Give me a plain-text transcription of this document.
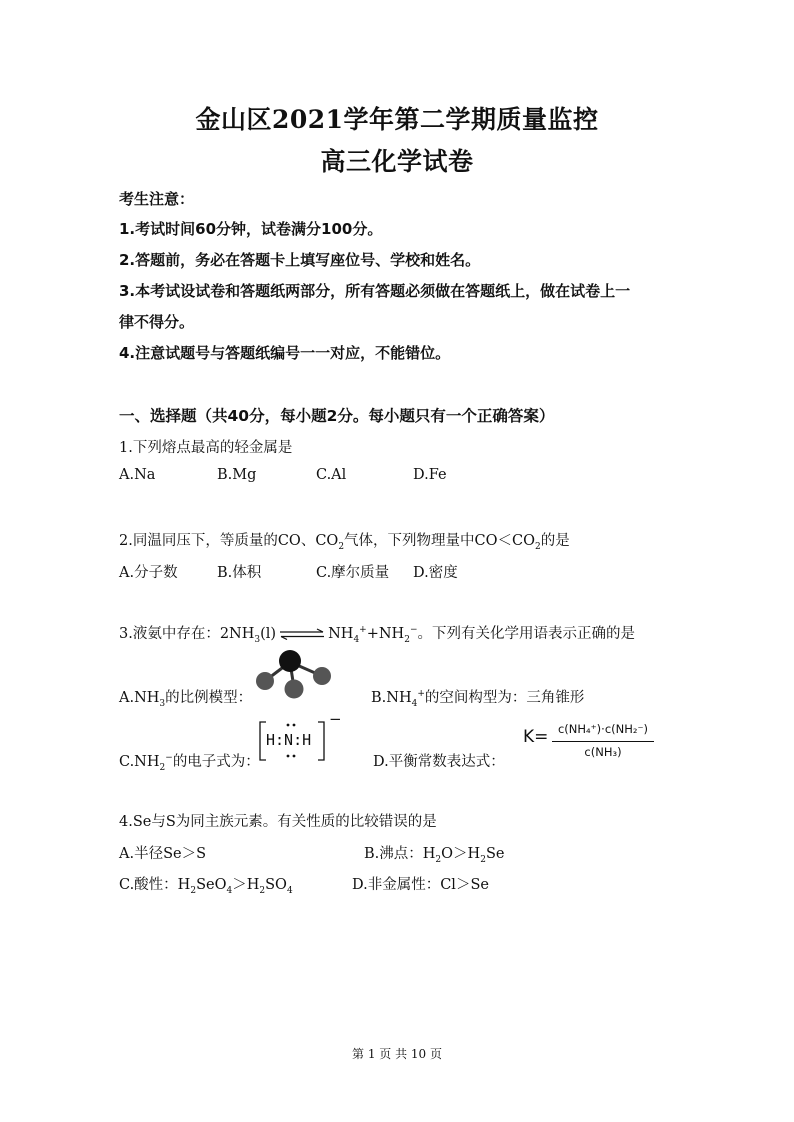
金山区2021学年第二学期质量监控
高三化学试卷
考生注意：
1.考试时间60分钟，试卷满分100分。
2.答题前，务必在答题卡上填写座位号、学校和姓名。
3.本考试设试卷和答题纸两部分，所有答题必须做在答题纸上，做在试卷上一
律不得分。
4.注意试题号与答题纸编号一一对应，不能错位。
一、选择题（共40分，每小题2分。每小题只有一个正确答案）
1.下列熔点最高的轻金属是
A.Na	B.Mg	C.Al	D.Fe
2.同温同压下，等质量的CO、$CO_2$气体，下列物理量中$CO<CO_2$的是
A.分子数	B.体积	C.摩尔质量 D.密度
3.液氨中存在：$2NH_3(l)$ ⇌ $NH_4^++NH_2^-$。下列有关化学用语表示正确的是
$A.NH_3$的比例模型：	$B.NH_4^+$的空间构型为：三角锥形
$C.NH_2^-$的电子式为：
H:N:H
−
D.平衡常数表达式：
K= c(NH₄⁺)·c(NH₂⁻)
c(NH₃)
4.Se与S为同主族元素。有关性质的比较错误的是
A.半径Se＞S	B.沸点：$H_2O>H_2Se$
C.酸性：$H_2SeO_4>H_2SO_4$	D.非金属性：Cl＞Se
第 1 页 共 10 页
